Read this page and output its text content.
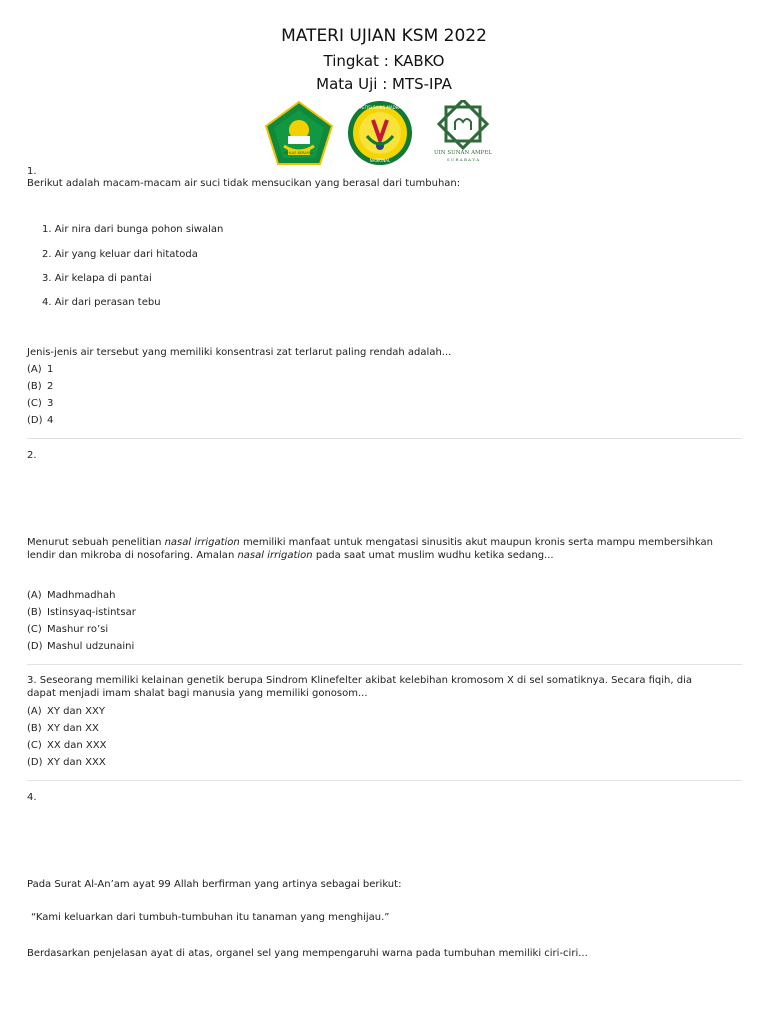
MATERI UJIAN KSM 2022
Tingkat : KABKO
Mata Uji : MTS-IPA
IKHLAS BERAMAL
KOMPETISI SAINS MADRASAH
NASIONAL
UIN SUNAN AMPEL
S U R A B A Y A
1.
Berikut adalah macam-macam air suci tidak mensucikan yang berasal dari tumbuhan:
1. Air nira dari bunga pohon siwalan
2. Air yang keluar dari hitatoda
3. Air kelapa di pantai
4. Air dari perasan tebu
Jenis-jenis air tersebut yang memiliki konsentrasi zat terlarut paling rendah adalah...
(A) 1
(B) 2
(C) 3
(D) 4
2.
Menurut sebuah penelitian nasal irrigation memiliki manfaat untuk mengatasi sinusitis akut maupun kronis serta mampu membersihkan lendir dan mikroba di nosofaring. Amalan nasal irrigation pada saat umat muslim wudhu ketika sedang...
(A) Madhmadhah
(B) Istinsyaq-istintsar
(C) Mashur ro’si
(D) Mashul udzunaini
3. Seseorang memiliki kelainan genetik berupa Sindrom Klinefelter akibat kelebihan kromosom X di sel somatiknya. Secara fiqih, dia
dapat menjadi imam shalat bagi manusia yang memiliki gonosom...
(A) XY dan XXY
(B) XY dan XX
(C) XX dan XXX
(D) XY dan XXX
4.
Pada Surat Al-An’am ayat 99 Allah berfirman yang artinya sebagai berikut:
“Kami keluarkan dari tumbuh-tumbuhan itu tanaman yang menghijau.”
Berdasarkan penjelasan ayat di atas, organel sel yang mempengaruhi warna pada tumbuhan memiliki ciri-ciri...
